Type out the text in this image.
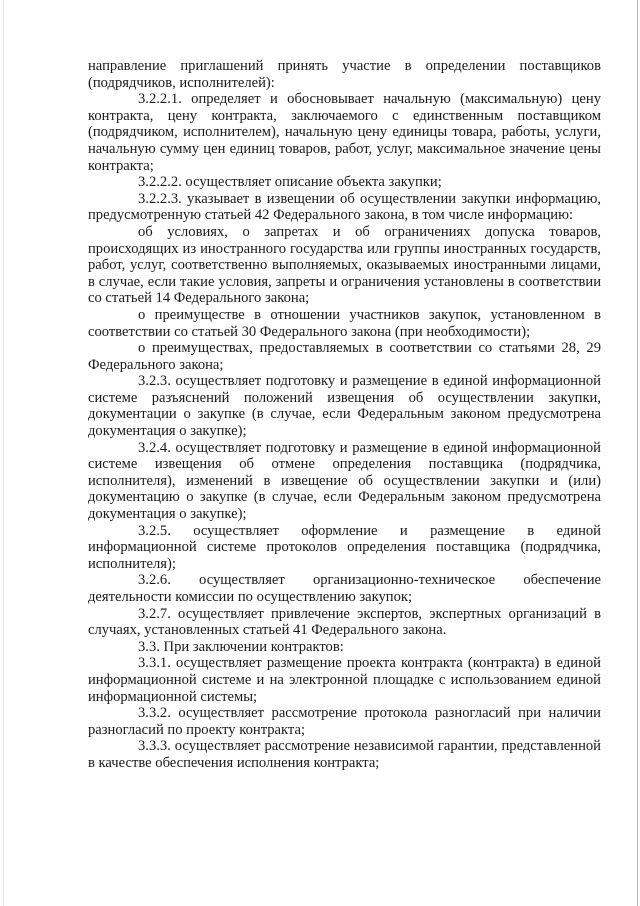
направление приглашений принять участие в определении поставщиков (подрядчиков, исполнителей):

3.2.2.1. определяет и обосновывает начальную (максимальную) цену контракта, цену контракта, заключаемого с единственным поставщиком (подрядчиком, исполнителем), начальную цену единицы товара, работы, услуги, начальную сумму цен единиц товаров, работ, услуг, максимальное значение цены контракта;

3.2.2.2. осуществляет описание объекта закупки;

3.2.2.3. указывает в извещении об осуществлении закупки информацию, предусмотренную статьей 42 Федерального закона, в том числе информацию:

об условиях, о запретах и об ограничениях допуска товаров, происходящих из иностранного государства или группы иностранных государств, работ, услуг, соответственно выполняемых, оказываемых иностранными лицами, в случае, если такие условия, запреты и ограничения установлены в соответствии со статьей 14 Федерального закона;

о преимуществе в отношении участников закупок, установленном в соответствии со статьей 30 Федерального закона (при необходимости);

о преимуществах, предоставляемых в соответствии со статьями 28, 29 Федерального закона;

3.2.3. осуществляет подготовку и размещение в единой информационной системе разъяснений положений извещения об осуществлении закупки, документации о закупке (в случае, если Федеральным законом предусмотрена документация о закупке);

3.2.4. осуществляет подготовку и размещение в единой информационной системе извещения об отмене определения поставщика (подрядчика, исполнителя), изменений в извещение об осуществлении закупки и (или) документацию о закупке (в случае, если Федеральным законом предусмотрена документация о закупке);

3.2.5. осуществляет оформление и размещение в единой информационной системе протоколов определения поставщика (подрядчика, исполнителя);

3.2.6. осуществляет организационно-техническое обеспечение деятельности комиссии по осуществлению закупок;

3.2.7. осуществляет привлечение экспертов, экспертных организаций в случаях, установленных статьей 41 Федерального закона.

3.3. При заключении контрактов:

3.3.1. осуществляет размещение проекта контракта (контракта) в единой информационной системе и на электронной площадке с использованием единой информационной системы;

3.3.2. осуществляет рассмотрение протокола разногласий при наличии разногласий по проекту контракта;

3.3.3. осуществляет рассмотрение независимой гарантии, представленной в качестве обеспечения исполнения контракта;
